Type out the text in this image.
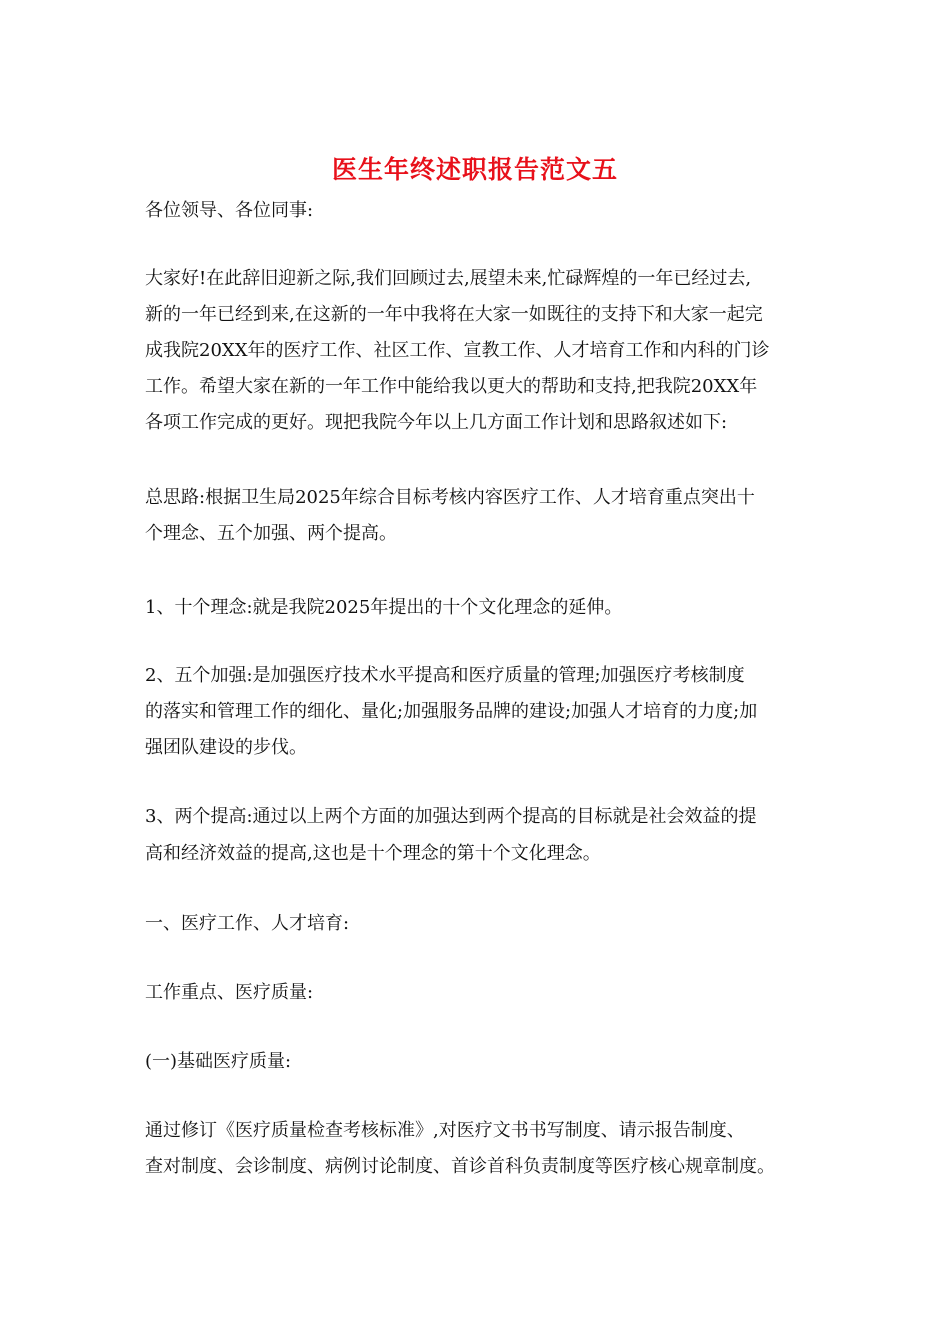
医生年终述职报告范文五
各位领导、各位同事:
大家好!在此辞旧迎新之际,我们回顾过去,展望未来,忙碌辉煌的一年已经过去,
新的一年已经到来,在这新的一年中我将在大家一如既往的支持下和大家一起完
成我院20XX年的医疗工作、社区工作、宣教工作、人才培育工作和内科的门诊
工作。希望大家在新的一年工作中能给我以更大的帮助和支持,把我院20XX年
各项工作完成的更好。现把我院今年以上几方面工作计划和思路叙述如下:
总思路:根据卫生局2025年综合目标考核内容医疗工作、人才培育重点突出十
个理念、五个加强、两个提高。
1、十个理念:就是我院2025年提出的十个文化理念的延伸。
2、五个加强:是加强医疗技术水平提高和医疗质量的管理;加强医疗考核制度
的落实和管理工作的细化、量化;加强服务品牌的建设;加强人才培育的力度;加
强团队建设的步伐。
3、两个提高:通过以上两个方面的加强达到两个提高的目标就是社会效益的提
高和经济效益的提高,这也是十个理念的第十个文化理念。
一、医疗工作、人才培育:
工作重点、医疗质量:
(一)基础医疗质量:
通过修订《医疗质量检查考核标准》,对医疗文书书写制度、请示报告制度、
查对制度、会诊制度、病例讨论制度、首诊首科负责制度等医疗核心规章制度。
